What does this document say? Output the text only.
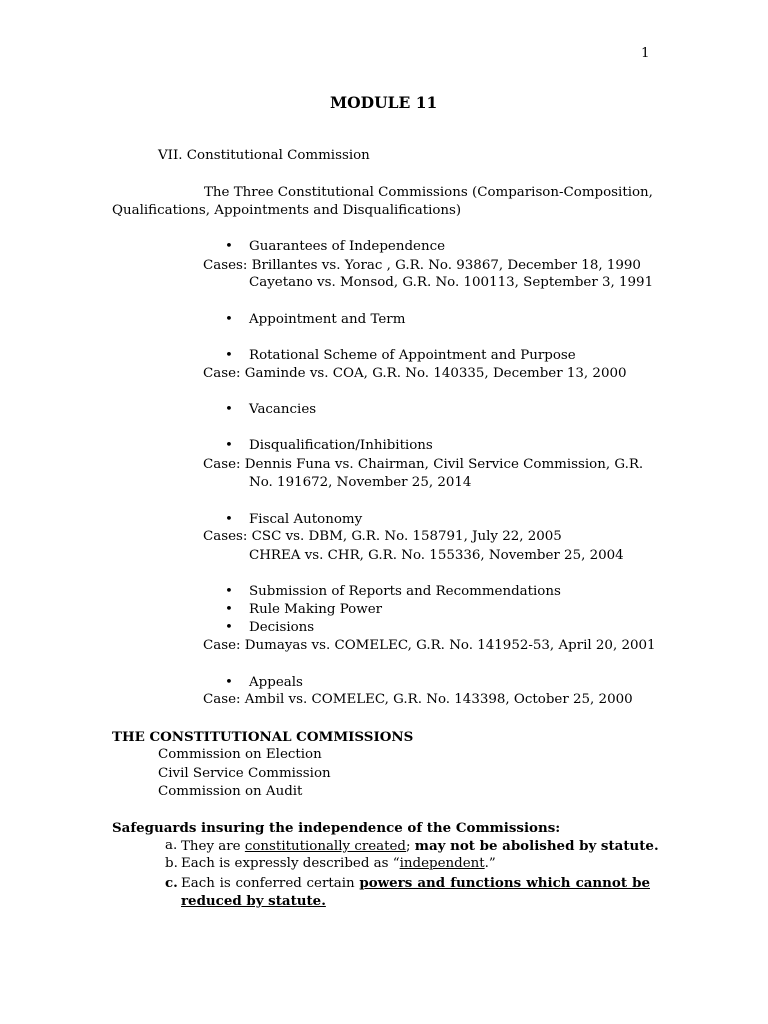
1
MODULE 11
VII. Constitutional Commission
The Three Constitutional Commissions (Comparison-Composition,
Qualifications, Appointments and Disqualifications)
• Guarantees of Independence
Cases: Brillantes vs. Yorac , G.R. No. 93867, December 18, 1990
Cayetano vs. Monsod, G.R. No. 100113, September 3, 1991
• Appointment and Term
• Rotational Scheme of Appointment and Purpose
Case: Gaminde vs. COA, G.R. No. 140335, December 13, 2000
• Vacancies
• Disqualification/Inhibitions
Case: Dennis Funa vs. Chairman, Civil Service Commission, G.R.
No. 191672, November 25, 2014
• Fiscal Autonomy
Cases: CSC vs. DBM, G.R. No. 158791, July 22, 2005
CHREA vs. CHR, G.R. No. 155336, November 25, 2004
• Submission of Reports and Recommendations
• Rule Making Power
• Decisions
Case: Dumayas vs. COMELEC, G.R. No. 141952-53, April 20, 2001
• Appeals
Case: Ambil vs. COMELEC, G.R. No. 143398, October 25, 2000
THE CONSTITUTIONAL COMMISSIONS
Commission on Election
Civil Service Commission
Commission on Audit
Safeguards insuring the independence of the Commissions:
a. They are constitutionally created; may not be abolished by statute.
b. Each is expressly described as “independent.”
c. Each is conferred certain powers and functions which cannot be
reduced by statute.
